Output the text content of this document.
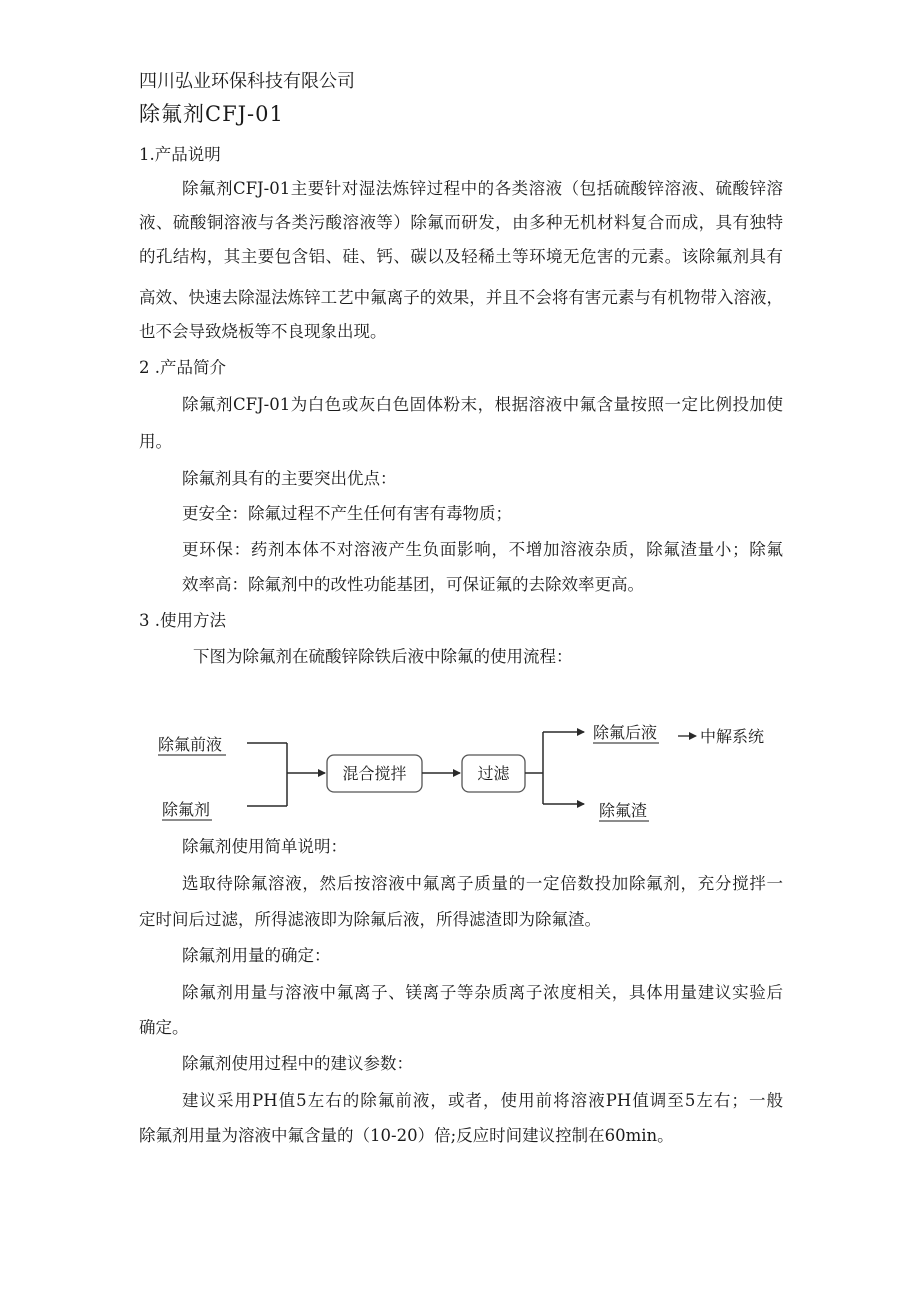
四川弘业环保科技有限公司
除氟剂CFJ-01
1.产品说明
除氟剂CFJ-01主要针对湿法炼锌过程中的各类溶液（包括硫酸锌溶液、硫酸锌溶
液、硫酸铜溶液与各类污酸溶液等）除氟而研发，由多种无机材料复合而成，具有独特
的孔结构，其主要包含铝、硅、钙、碳以及轻稀土等环境无危害的元素。该除氟剂具有
高效、快速去除湿法炼锌工艺中氟离子的效果，并且不会将有害元素与有机物带入溶液，
也不会导致烧板等不良现象出现。
2 .产品简介
除氟剂CFJ-01为白色或灰白色固体粉末，根据溶液中氟含量按照一定比例投加使
用。
除氟剂具有的主要突出优点：
更安全：除氟过程不产生任何有害有毒物质；
更环保：药剂本体不对溶液产生负面影响，不增加溶液杂质，除氟渣量小；除氟
效率高：除氟剂中的改性功能基团，可保证氟的去除效率更高。
3 .使用方法
下图为除氟剂在硫酸锌除铁后液中除氟的使用流程：
除氟前液
除氟剂
混合搅拌	过滤
除氟后液
除氟渣
中解系统
除氟剂使用简单说明：
选取待除氟溶液，然后按溶液中氟离子质量的一定倍数投加除氟剂，充分搅拌一
定时间后过滤，所得滤液即为除氟后液，所得滤渣即为除氟渣。
除氟剂用量的确定：
除氟剂用量与溶液中氟离子、镁离子等杂质离子浓度相关，具体用量建议实验后
确定。
除氟剂使用过程中的建议参数：
建议采用PH值5左右的除氟前液，或者，使用前将溶液PH值调至5左右；一般
除氟剂用量为溶液中氟含量的（10-20）倍;反应时间建议控制在60min。
